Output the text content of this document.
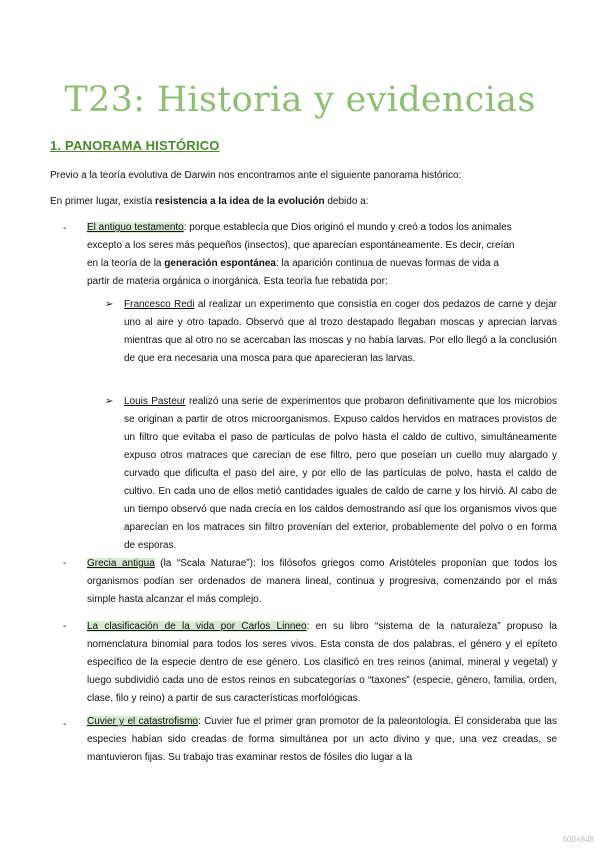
T23: Historia y evidencias
1. PANORAMA HISTÓRICO
Previo a la teoría evolutiva de Darwin nos encontramos ante el siguiente panorama histórico:
En primer lugar, existía resistencia a la idea de la evolución debido a:
- El antiguo testamento: porque establecía que Dios originó el mundo y creó a todos los animales
excepto a los seres más pequeños (insectos), que aparecían espontáneamente. Es decir, creían
en la teoría de la generación espontánea: la aparición continua de nuevas formas de vida a
partir de materia orgánica o inorgánica. Esta teoría fue rebatida por:
➢ Francesco Redi al realizar un experimento que consistía en coger dos pedazos de carne y dejar uno al aire y otro tapado. Observó que al trozo destapado llegaban moscas y aprecian larvas mientras que al otro no se acercaban las moscas y no había larvas. Por ello llegó a la conclusión de que era necesaria una mosca para que aparecieran las larvas.
➢ Louis Pasteur realizó una serie de experimentos que probaron definitivamente que los microbios se originan a partir de otros microorganismos. Expuso caldos hervidos en matraces provistos de un filtro que evitaba el paso de partículas de polvo hasta el caldo de cultivo, simultáneamente expuso otros matraces que carecían de ese filtro, pero que poseían un cuello muy alargado y curvado que dificulta el paso del aire, y por ello de las partículas de polvo, hasta el caldo de cultivo. En cada uno de ellos metió cantidades iguales de caldo de carne y los hirvió. Al cabo de un tiempo observó que nada crecía en los caldos demostrando así que los organismos vivos que aparecían en los matraces sin filtro provenían del exterior, probablemente del polvo o en forma de esporas.
- Grecia antigua (la “Scala Naturae”): los filósofos griegos como Aristóteles proponían que todos los organismos podían ser ordenados de manera lineal, continua y progresiva, comenzando por el más simple hasta alcanzar el más complejo.
- La clasificación de la vida por Carlos Linneo: en su libro “sistema de la naturaleza” propuso la nomenclatura binomial para todos los seres vivos. Esta consta de dos palabras, el género y el epíteto específico de la especie dentro de ese género. Los clasificó en tres reinos (animal, mineral y vegetal) y luego subdividió cada uno de estos reinos en subcategorías o “taxones” (especie, género, familia, orden, clase, filo y reino) a partir de sus características morfológicas.
- Cuvier y el catastrofismo: Cuvier fue el primer gran promotor de la paleontología. Él consideraba que las especies habían sido creadas de forma simultánea por un acto divino y que, una vez creadas, se mantuvieron fijas. Su trabajo tras examinar restos de fósiles dio lugar a la
600×848
